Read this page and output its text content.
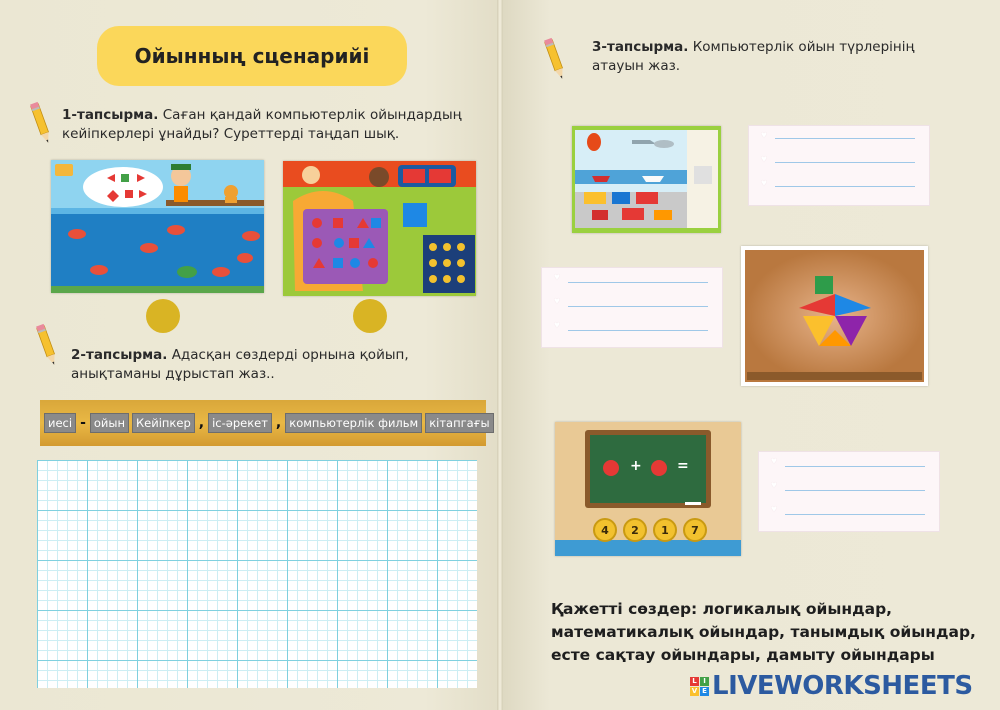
Ойынның сценарийі
1-тапсырма. Саған қандай компьютерлік ойындардың кейіпкерлері ұнайды? Суреттерді таңдап шық.
2-тапсырма. Адасқан сөздерді орнына қойып, анықтаманы дұрыстап жаз..
иесі - ойын Кейіпкер , іс-әрекет , компьютерлік фильм кітапгағы
3-тапсырма. Компьютерлік ойын түрлерінің атауын жаз.
+	=
4	2	1	7
♥
♥
♥
♥
♥
♥
♥
♥
♥
Қажетті сөздер: логикалық ойындар, математикалық ойындар, танымдық ойындар, есте сақтау ойындары, дамыту ойындары
L I
V E LIVEWORKSHEETS
